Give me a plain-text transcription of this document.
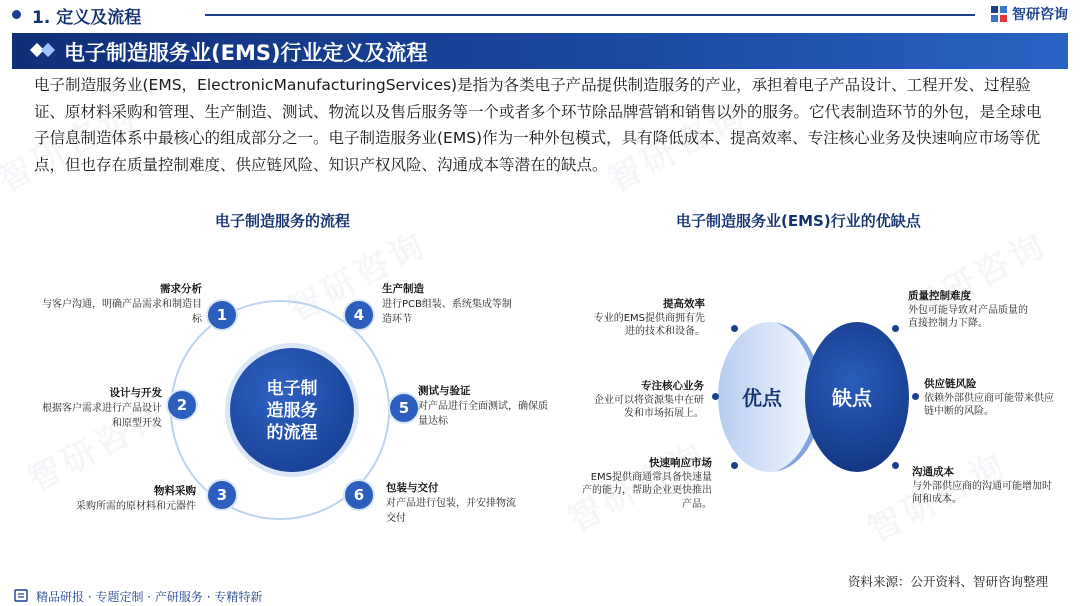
1. 定义及流程	智研咨询
电子制造服务业(EMS)行业定义及流程
电子制造服务业(EMS，ElectronicManufacturingServices)是指为各类电子产品提供制造服务的产业，承担着电子产品设计、工程开发、过程验证、原材料采购和管理、生产制造、测试、物流以及售后服务等一个或者多个环节除品牌营销和销售以外的服务。它代表制造环节的外包，是全球电子信息制造体系中最核心的组成部分之一。电子制造服务业(EMS)作为一种外包模式，具有降低成本、提高效率、专注核心业务及快速响应市场等优点，但也存在质量控制难度、供应链风险、知识产权风险、沟通成本等潜在的缺点。
电子制造服务的流程
电子制
造服务
的流程
1
2
3
4
5
6
需求分析
与客户沟通，明确产品需求和制造目标
设计与开发
根据客户需求进行产品设计和原型开发
物料采购
采购所需的原材料和元器件
生产制造
进行PCB组装、系统集成等制造环节
测试与验证
对产品进行全面测试，确保质量达标
包装与交付
对产品进行包装，并安排物流交付
电子制造服务业(EMS)行业的优缺点
优点	缺点
提高效率
专业的EMS提供商拥有先进的技术和设备。
专注核心业务
企业可以将资源集中在研发和市场拓展上。
快速响应市场
EMS提供商通常具备快速量产的能力，帮助企业更快推出产品。
质量控制难度
外包可能导致对产品质量的直接控制力下降。
供应链风险
依赖外部供应商可能带来供应链中断的风险。
沟通成本
与外部供应商的沟通可能增加时间和成本。
精品研报 · 专题定制 · 产研服务 · 专精特新
资料来源：公开资料、智研咨询整理
